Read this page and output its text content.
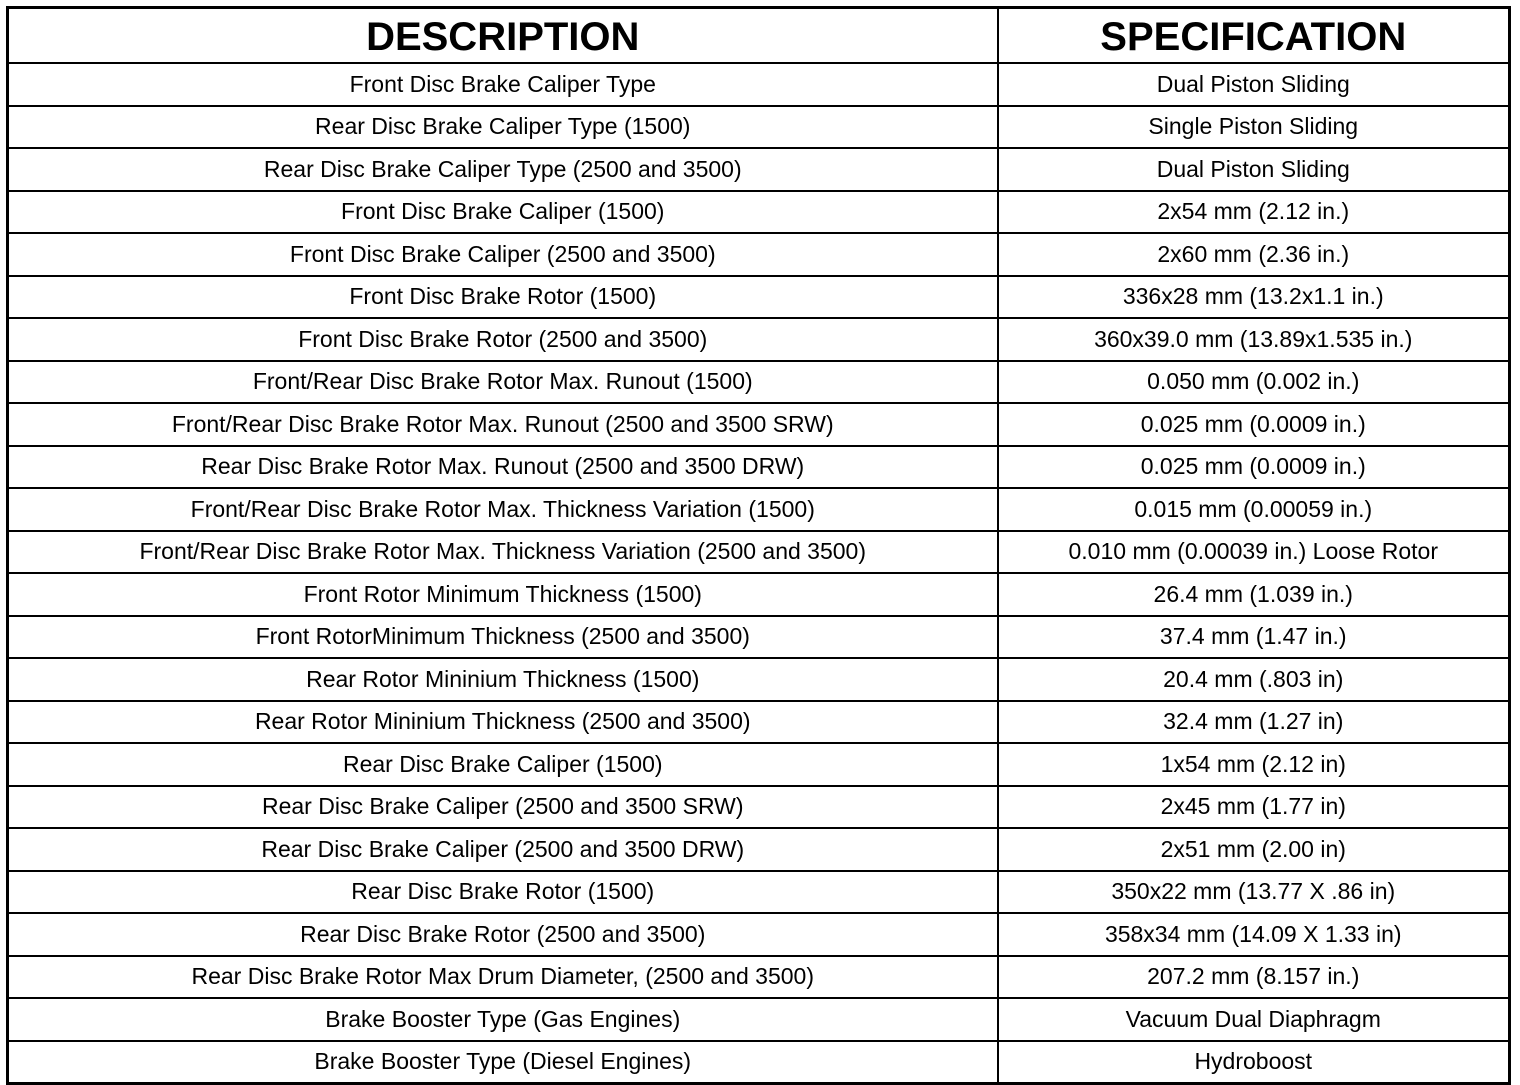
DESCRIPTION	SPECIFICATION
Front Disc Brake Caliper Type	Dual Piston Sliding
Rear Disc Brake Caliper Type (1500)	Single Piston Sliding
Rear Disc Brake Caliper Type (2500 and 3500)	Dual Piston Sliding
Front Disc Brake Caliper (1500)	2x54 mm (2.12 in.)
Front Disc Brake Caliper (2500 and 3500)	2x60 mm (2.36 in.)
Front Disc Brake Rotor (1500)	336x28 mm (13.2x1.1 in.)
Front Disc Brake Rotor (2500 and 3500)	360x39.0 mm (13.89x1.535 in.)
Front/Rear Disc Brake Rotor Max. Runout (1500)	0.050 mm (0.002 in.)
Front/Rear Disc Brake Rotor Max. Runout (2500 and 3500 SRW)	0.025 mm (0.0009 in.)
Rear Disc Brake Rotor Max. Runout (2500 and 3500 DRW)	0.025 mm (0.0009 in.)
Front/Rear Disc Brake Rotor Max. Thickness Variation (1500)	0.015 mm (0.00059 in.)
Front/Rear Disc Brake Rotor Max. Thickness Variation (2500 and 3500)	0.010 mm (0.00039 in.) Loose Rotor
Front Rotor Minimum Thickness (1500)	26.4 mm (1.039 in.)
Front RotorMinimum Thickness (2500 and 3500)	37.4 mm (1.47 in.)
Rear Rotor Mininium Thickness (1500)	20.4 mm (.803 in)
Rear Rotor Mininium Thickness (2500 and 3500)	32.4 mm (1.27 in)
Rear Disc Brake Caliper (1500)	1x54 mm (2.12 in)
Rear Disc Brake Caliper (2500 and 3500 SRW)	2x45 mm (1.77 in)
Rear Disc Brake Caliper (2500 and 3500 DRW)	2x51 mm (2.00 in)
Rear Disc Brake Rotor (1500)	350x22 mm (13.77 X .86 in)
Rear Disc Brake Rotor (2500 and 3500)	358x34 mm (14.09 X 1.33 in)
Rear Disc Brake Rotor Max Drum Diameter, (2500 and 3500)	207.2 mm (8.157 in.)
Brake Booster Type (Gas Engines)	Vacuum Dual Diaphragm
Brake Booster Type (Diesel Engines)	Hydroboost
